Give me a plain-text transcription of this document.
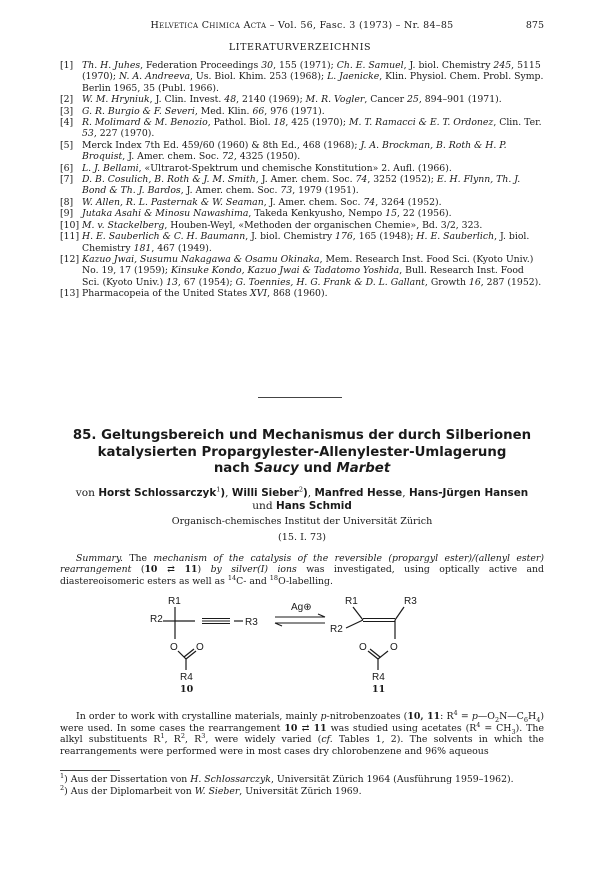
Helvetica Chimica Acta – Vol. 56, Fasc. 3 (1973) – Nr. 84–85	875
LITERATURVERZEICHNIS
[1] Th. H. Juhes, Federation Proceedings 30, 155 (1971); Ch. E. Samuel, J. biol. Chemistry 245, 5115 (1970); N. A. Andreeva, Us. Biol. Khim. 253 (1968); L. Jaenicke, Klin. Physiol. Chem. Probl. Symp. Berlin 1965, 35 (Publ. 1966).
[2] W. M. Hryniuk, J. Clin. Invest. 48, 2140 (1969); M. R. Vogler, Cancer 25, 894–901 (1971).
[3] G. R. Burgio & F. Severi, Med. Klin. 66, 976 (1971).
[4] R. Molimard & M. Benozio, Pathol. Biol. 18, 425 (1970); M. T. Ramacci & E. T. Ordonez, Clin. Ter. 53, 227 (1970).
[5] Merck Index 7th Ed. 459/60 (1960) & 8th Ed., 468 (1968); J. A. Brockman, B. Roth & H. P. Broquist, J. Amer. chem. Soc. 72, 4325 (1950).
[6] L. J. Bellami, «Ultrarot-Spektrum und chemische Konstitution» 2. Aufl. (1966).
[7] D. B. Cosulich, B. Roth & J. M. Smith, J. Amer. chem. Soc. 74, 3252 (1952); E. H. Flynn, Th. J. Bond & Th. J. Bardos, J. Amer. chem. Soc. 73, 1979 (1951).
[8] W. Allen, R. L. Pasternak & W. Seaman, J. Amer. chem. Soc. 74, 3264 (1952).
[9] Jutaka Asahi & Minosu Nawashima, Takeda Kenkyusho, Nempo 15, 22 (1956).
[10] M. v. Stackelberg, Houben-Weyl, «Methoden der organischen Chemie», Bd. 3/2, 323.
[11] H. E. Sauberlich & C. H. Baumann, J. biol. Chemistry 176, 165 (1948); H. E. Sauberlich, J. biol. Chemistry 181, 467 (1949).
[12] Kazuo Jwai, Susumu Nakagawa & Osamu Okinaka, Mem. Research Inst. Food Sci. (Kyoto Univ.) No. 19, 17 (1959); Kinsuke Kondo, Kazuo Jwai & Tadatomo Yoshida, Bull. Research Inst. Food Sci. (Kyoto Univ.) 13, 67 (1954); G. Toennies, H. G. Frank & D. L. Gallant, Growth 16, 287 (1952).
[13] Pharmacopeia of the United States XVI, 868 (1960).
85. Geltungsbereich und Mechanismus der durch Silberionen
katalysierten Propargylester-Allenylester-Umlagerung
nach Saucy und Marbet
von Horst Schlossarczyk$^1$), Willi Sieber$^2$), Manfred Hesse, Hans-Jürgen Hansen
und Hans Schmid
Organisch-chemisches Institut der Universität Zürich
(15. I. 73)
Summary. The mechanism of the catalysis of the reversible (propargyl ester)/(allenyl ester) rearrangement (10 ⇄ 11) by silver(I) ions was investigated, using optically active and diastereoisomeric esters as well as $^{14}$C- and $^{18}$O-labelling.
R1
R2	R3
O O
R4
Ag⊕
R1
R2
R3
O
O
R4
10	11
In order to work with crystalline materials, mainly p-nitrobenzoates (10, 11: $R^4$ = $p—O_2N—C_6H_4$) were used. In some cases the rearrangement 10 ⇄ 11 was studied using acetates $(R^4 = CH_3)$. The alkyl substituents $R^1$, $R^2$, $R^3$, were widely varied (cf. Tables 1, 2). The solvents in which the rearrangements were performed were in most cases dry chlorobenzene and 96% aqueous
$^1$) Aus der Dissertation von H. Schlossarczyk, Universität Zürich 1964 (Ausführung 1959–1962).
$^2$) Aus der Diplomarbeit von W. Sieber, Universität Zürich 1969.
